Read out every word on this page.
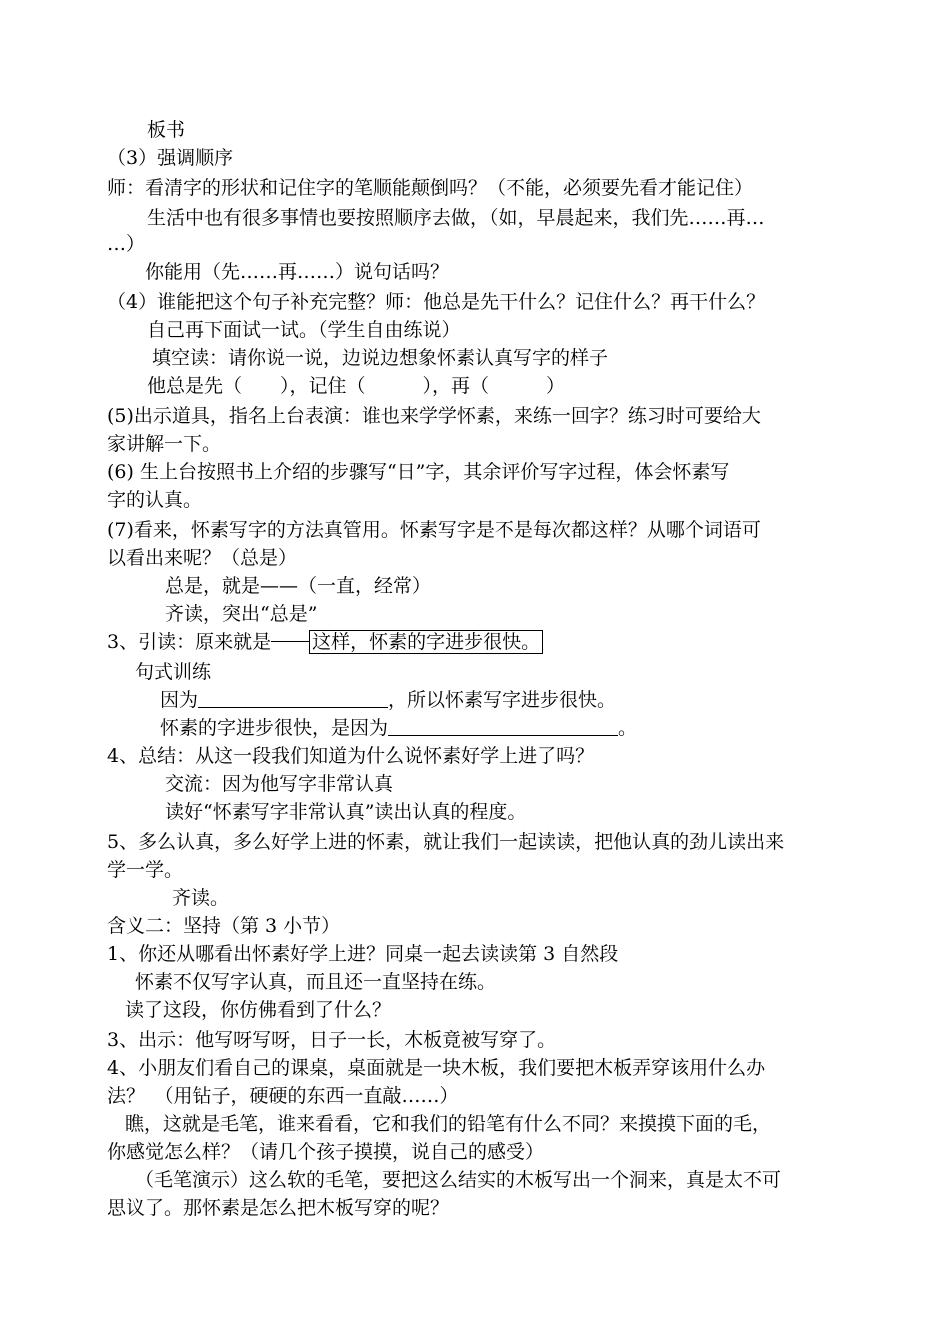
板书
（3）强调顺序
师：看清字的形状和记住字的笔顺能颠倒吗？（不能，必须要先看才能记住）
生活中也有很多事情也要按照顺序去做，（如，早晨起来，我们先……再…
…）
你能用（先……再……）说句话吗？
（4）谁能把这个句子补充完整？师：他总是先干什么？记住什么？再干什么？
自己再下面试一试。（学生自由练说）
填空读：请你说一说，边说边想象怀素认真写字的样子
他总是先（　　），记住（　　　），再（　　　）
(5)出示道具，指名上台表演：谁也来学学怀素，来练一回字？练习时可要给大
家讲解一下。
(6) 生上台按照书上介绍的步骤写“日”字，其余评价写字过程，体会怀素写
字的认真。
(7)看来，怀素写字的方法真管用。怀素写字是不是每次都这样？从哪个词语可
以看出来呢？（总是）
总是，就是——（一直，经常）
齐读，突出“总是”
3、引读：原来就是 这样，怀素的字进步很快。
句式训练
因为	，所以怀素写字进步很快。
怀素的字进步很快，是因为	。
4、总结：从这一段我们知道为什么说怀素好学上进了吗？
交流：因为他写字非常认真
读好“怀素写字非常认真”读出认真的程度。
5、多么认真，多么好学上进的怀素，就让我们一起读读，把他认真的劲儿读出来
学一学。
齐读。
含义二：坚持（第 3 小节）
1、你还从哪看出怀素好学上进？同桌一起去读读第 3 自然段
怀素不仅写字认真，而且还一直坚持在练。
读了这段，你仿佛看到了什么？
3、出示：他写呀写呀，日子一长，木板竟被写穿了。
4、小朋友们看自己的课桌，桌面就是一块木板，我们要把木板弄穿该用什么办
法？　（用钻子，硬硬的东西一直敲……）
瞧，这就是毛笔，谁来看看，它和我们的铅笔有什么不同？来摸摸下面的毛，
你感觉怎么样？（请几个孩子摸摸，说自己的感受）
（毛笔演示）这么软的毛笔，要把这么结实的木板写出一个洞来，真是太不可
思议了。那怀素是怎么把木板写穿的呢？
